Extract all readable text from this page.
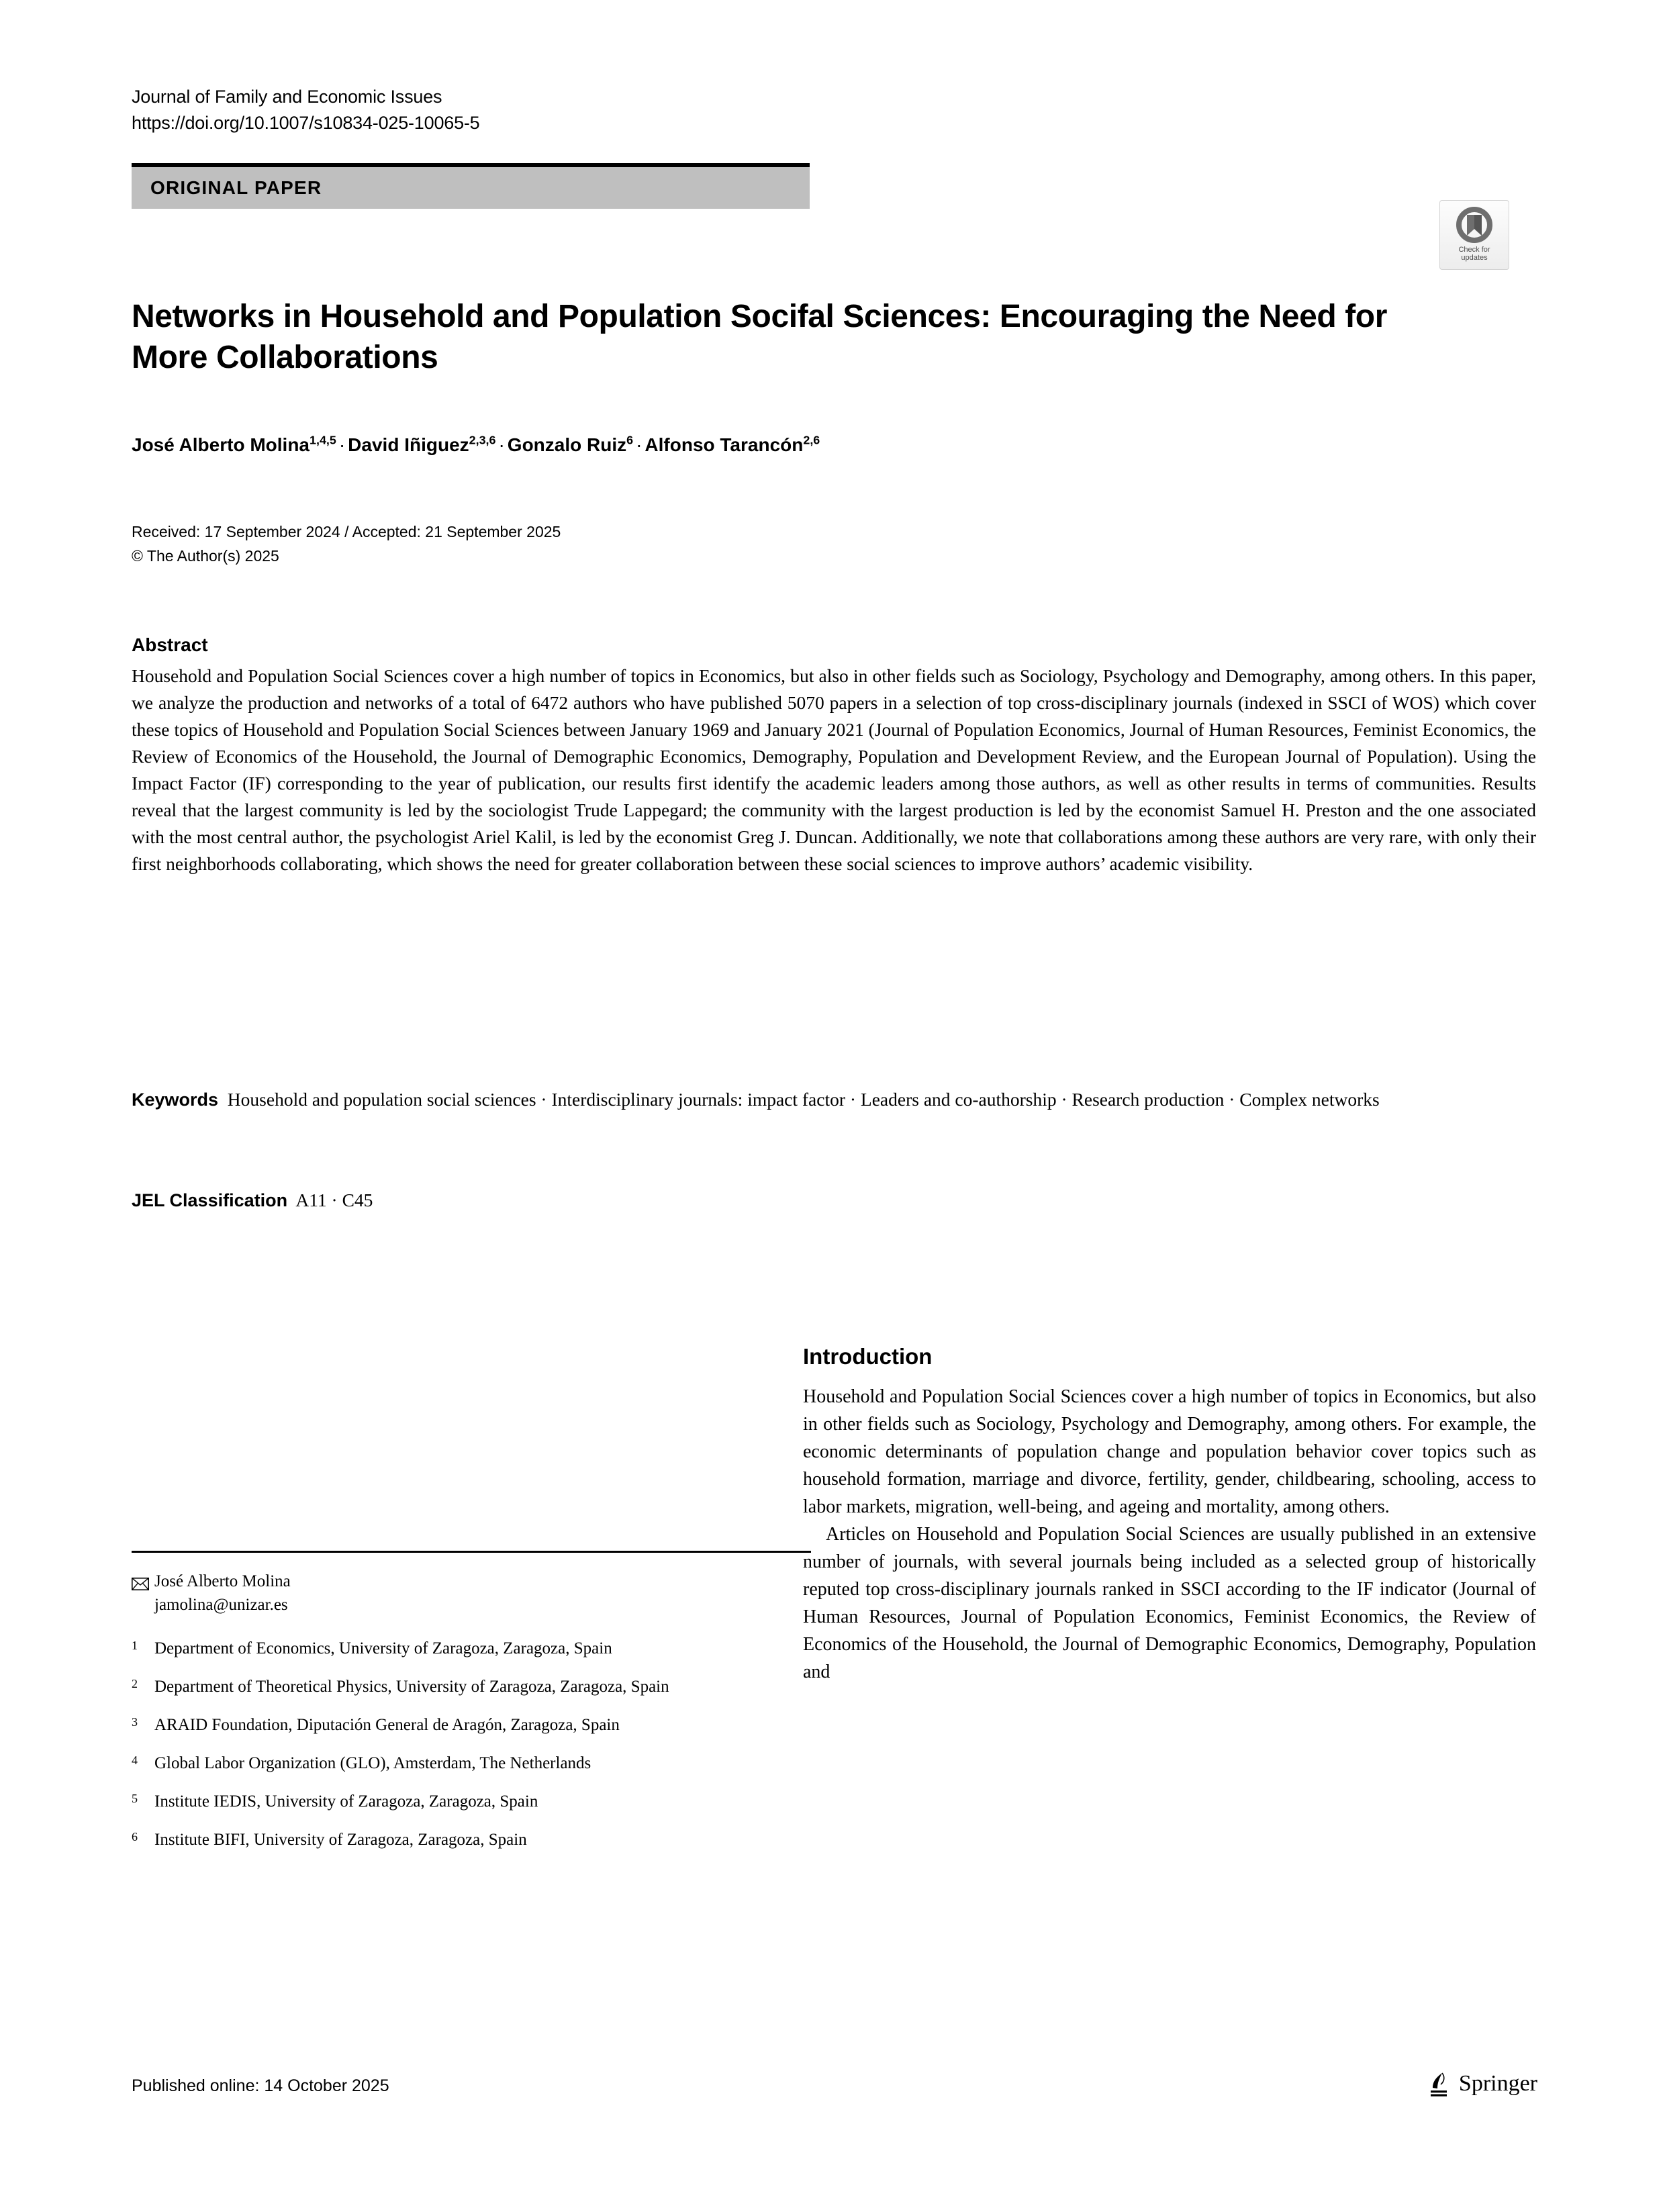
Journal of Family and Economic Issues
https://doi.org/10.1007/s10834-025-10065-5
ORIGINAL PAPER
Check for
updates
Networks in Household and Population Socifal Sciences: Encouraging the Need for More Collaborations
José Alberto Molina$^{1,4,5}$ · David Iñiguez$^{2,3,6}$ · Gonzalo Ruiz$^6$ · Alfonso Tarancón$^{2,6}$
Received: 17 September 2024 / Accepted: 21 September 2025
© The Author(s) 2025
Abstract
Household and Population Social Sciences cover a high number of topics in Economics, but also in other fields such as Sociology, Psychology and Demography, among others. In this paper, we analyze the production and networks of a total of 6472 authors who have published 5070 papers in a selection of top cross-disciplinary journals (indexed in SSCI of WOS) which cover these topics of Household and Population Social Sciences between January 1969 and January 2021 (Journal of Population Economics, Journal of Human Resources, Feminist Economics, the Review of Economics of the Household, the Journal of Demographic Economics, Demography, Population and Development Review, and the European Journal of Population). Using the Impact Factor (IF) corresponding to the year of publication, our results first identify the academic leaders among those authors, as well as other results in terms of communities. Results reveal that the largest community is led by the sociologist Trude Lappegard; the community with the largest production is led by the economist Samuel H. Preston and the one associated with the most central author, the psychologist Ariel Kalil, is led by the economist Greg J. Duncan. Additionally, we note that collaborations among these authors are very rare, with only their first neighborhoods collaborating, which shows the need for greater collaboration between these social sciences to improve authors’ academic visibility.
Keywords Household and population social sciences · Interdisciplinary journals: impact factor · Leaders and co-authorship · Research production · Complex networks
JEL Classification A11 · C45
José Alberto Molina
jamolina@unizar.es
1	Department of Economics, University of Zaragoza, Zaragoza, Spain
2	Department of Theoretical Physics, University of Zaragoza, Zaragoza, Spain
3	ARAID Foundation, Diputación General de Aragón, Zaragoza, Spain
4	Global Labor Organization (GLO), Amsterdam, The Netherlands
5	Institute IEDIS, University of Zaragoza, Zaragoza, Spain
6	Institute BIFI, University of Zaragoza, Zaragoza, Spain
Introduction

Household and Population Social Sciences cover a high number of topics in Economics, but also in other fields such as Sociology, Psychology and Demography, among others. For example, the economic determinants of population change and population behavior cover topics such as household formation, marriage and divorce, fertility, gender, childbearing, schooling, access to labor markets, migration, well-being, and ageing and mortality, among others.

Articles on Household and Population Social Sciences are usually published in an extensive number of journals, with several journals being included as a selected group of historically reputed top cross-disciplinary journals ranked in SSCI according to the IF indicator (Journal of Human Resources, Journal of Population Economics, Feminist Economics, the Review of Economics of the Household, the Journal of Demographic Economics, Demography, Population and

Published online: 14 October 2025	Springer
